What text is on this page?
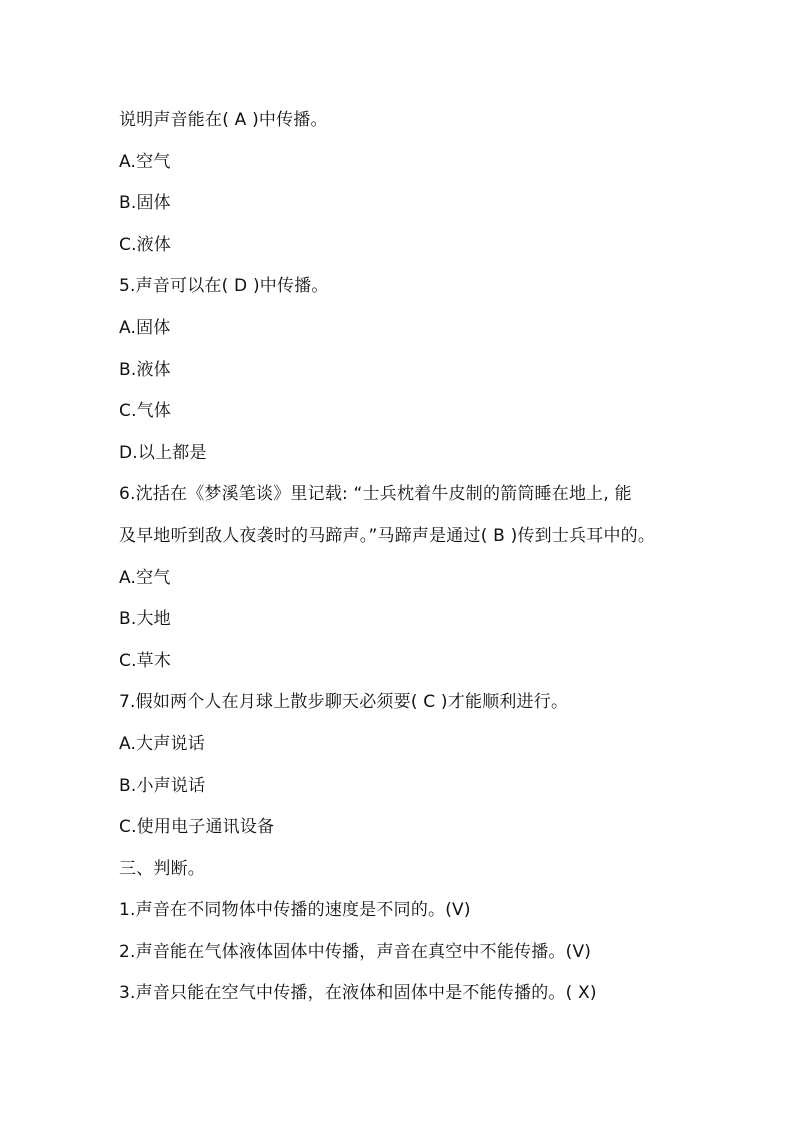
说明声音能在( A )中传播。
A.空气
B.固体
C.液体
5.声音可以在( D )中传播。
A.固体
B.液体
C.气体
D.以上都是
6.沈括在《梦溪笔谈》里记载: “士兵枕着牛皮制的箭筒睡在地上, 能
及早地听到敌人夜袭时的马蹄声。”马蹄声是通过( B )传到士兵耳中的。
A.空气
B.大地
C.草木
7.假如两个人在月球上散步聊天必须要( C )才能顺利进行。
A.大声说话
B.小声说话
C.使用电子通讯设备
三、判断。
1.声音在不同物体中传播的速度是不同的。(V)
2.声音能在气体液体固体中传播，声音在真空中不能传播。(V)
3.声音只能在空气中传播，在液体和固体中是不能传播的。( X)
